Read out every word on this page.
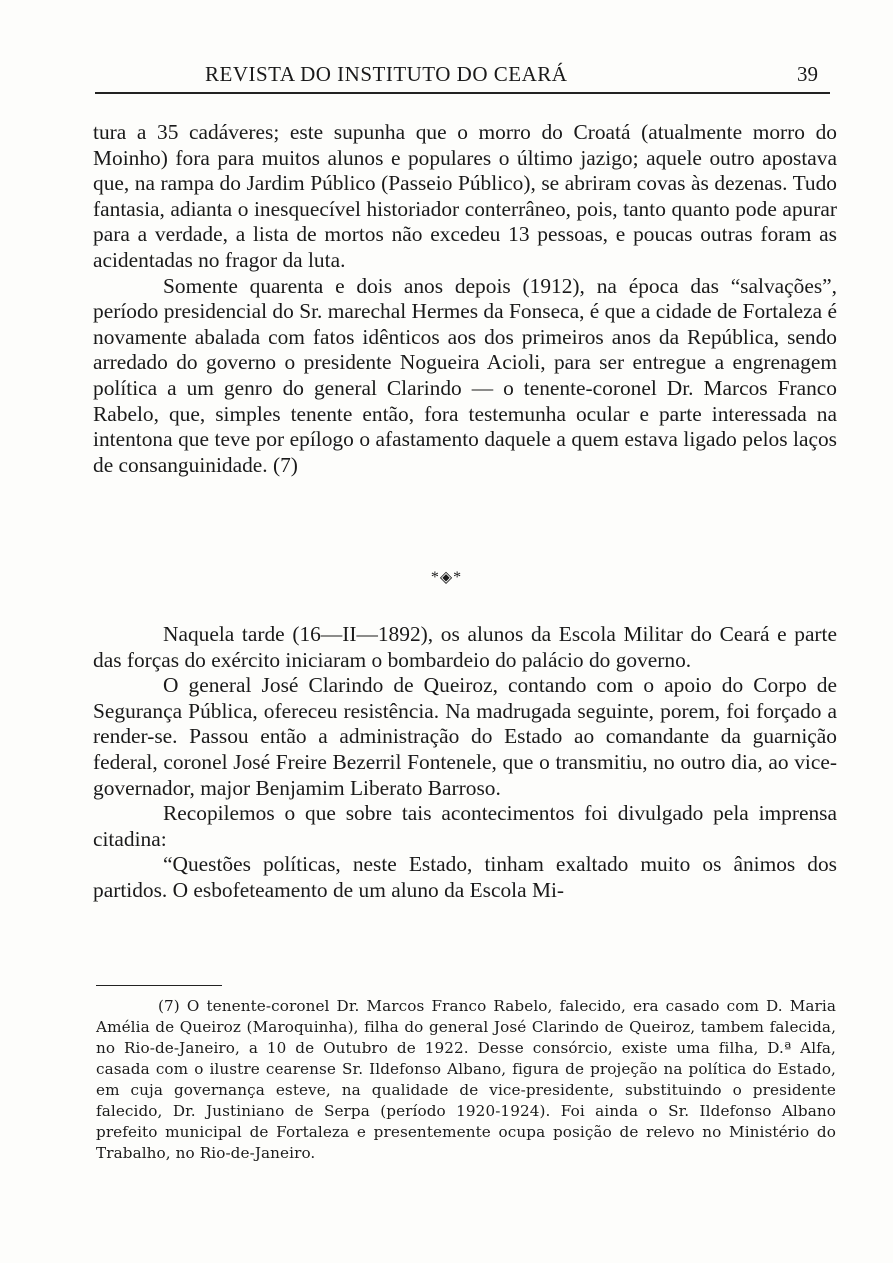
REVISTA DO INSTITUTO DO CEARÁ	39

tura a 35 cadáveres; este supunha que o morro do Croatá (atualmente morro do Moinho) fora para muitos alunos e populares o último jazigo; aquele outro apostava que, na rampa do Jardim Público (Passeio Público), se abriram covas às dezenas. Tudo fantasia, adianta o inesquecível historiador conterrâneo, pois, tanto quanto pode apurar para a verdade, a lista de mortos não excedeu 13 pessoas, e poucas outras foram as acidentadas no fragor da luta.

Somente quarenta e dois anos depois (1912), na época das “salvações”, período presidencial do Sr. marechal Hermes da Fonseca, é que a cidade de Fortaleza é novamente abalada com fatos idênticos aos dos primeiros anos da República, sendo arredado do governo o presidente Nogueira Acioli, para ser entregue a engrenagem política a um genro do general Clarindo — o tenente-coronel Dr. Marcos Franco Rabelo, que, simples tenente então, fora testemunha ocular e parte interessada na intentona que teve por epílogo o afastamento daquele a quem estava ligado pelos laços de consanguinidade. (7)

*◈*

Naquela tarde (16—II—1892), os alunos da Escola Militar do Ceará e parte das forças do exército iniciaram o bombardeio do palácio do governo.

O general José Clarindo de Queiroz, contando com o apoio do Corpo de Segurança Pública, ofereceu resistência. Na madrugada seguinte, porem, foi forçado a render-se. Passou então a administração do Estado ao comandante da guarnição federal, coronel José Freire Bezerril Fontenele, que o transmitiu, no outro dia, ao vice-governador, major Benjamim Liberato Barroso.

Recopilemos o que sobre tais acontecimentos foi divulgado pela imprensa citadina:

“Questões políticas, neste Estado, tinham exaltado muito os ânimos dos partidos. O esbofeteamento de um aluno da Escola Mi-

(7) O tenente-coronel Dr. Marcos Franco Rabelo, falecido, era casado com D. Maria Amélia de Queiroz (Maroquinha), filha do general José Clarindo de Queiroz, tambem falecida, no Rio-de-Janeiro, a 10 de Outubro de 1922. Desse consórcio, existe uma filha, D.ª Alfa, casada com o ilustre cearense Sr. Ildefonso Albano, figura de projeção na política do Estado, em cuja governança esteve, na qualidade de vice-presidente, substituindo o presidente falecido, Dr. Justiniano de Serpa (período 1920-1924). Foi ainda o Sr. Ildefonso Albano prefeito municipal de Fortaleza e presentemente ocupa posição de relevo no Ministério do Trabalho, no Rio-de-Janeiro.
